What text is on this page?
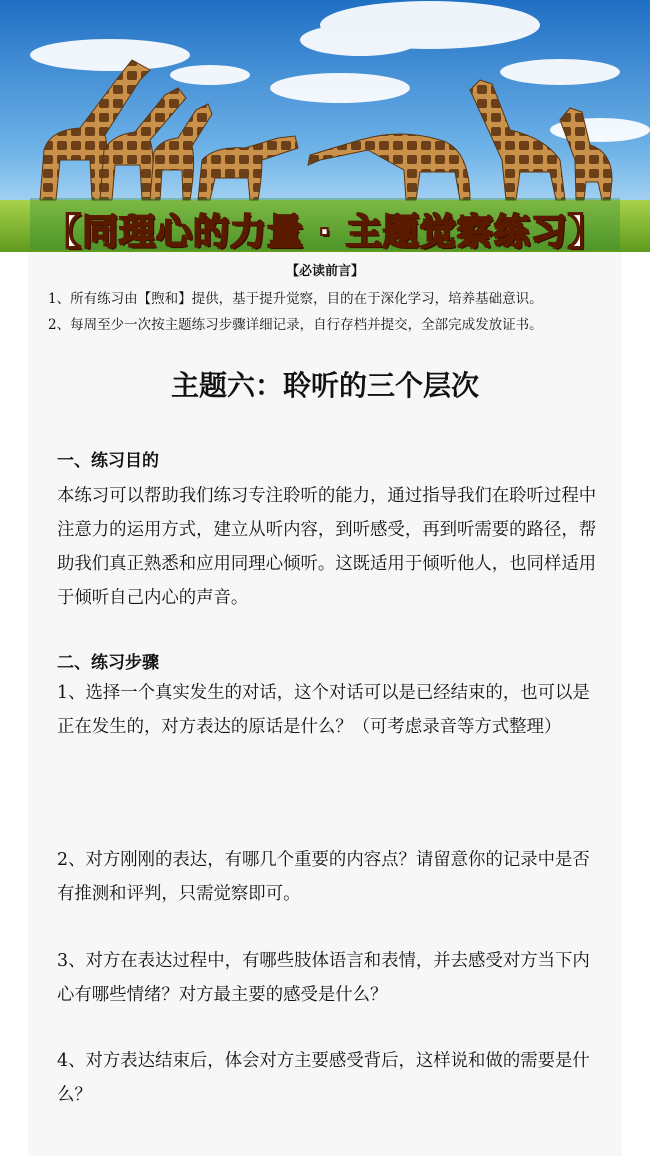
【同理心的力量 · 主题觉察练习】
【必读前言】
1、所有练习由【煦和】提供，基于提升觉察，目的在于深化学习，培养基础意识。
2、每周至少一次按主题练习步骤详细记录，自行存档并提交，全部完成发放证书。
主题六：聆听的三个层次
一、练习目的
本练习可以帮助我们练习专注聆听的能力，通过指导我们在聆听过程中注意力的运用方式，建立从听内容，到听感受，再到听需要的路径，帮助我们真正熟悉和应用同理心倾听。这既适用于倾听他人，也同样适用于倾听自己内心的声音。
二、练习步骤
1、选择一个真实发生的对话，这个对话可以是已经结束的，也可以是正在发生的，对方表达的原话是什么？（可考虑录音等方式整理）
2、对方刚刚的表达，有哪几个重要的内容点？请留意你的记录中是否有推测和评判，只需觉察即可。
3、对方在表达过程中，有哪些肢体语言和表情，并去感受对方当下内心有哪些情绪？对方最主要的感受是什么？
4、对方表达结束后，体会对方主要感受背后，这样说和做的需要是什么？
